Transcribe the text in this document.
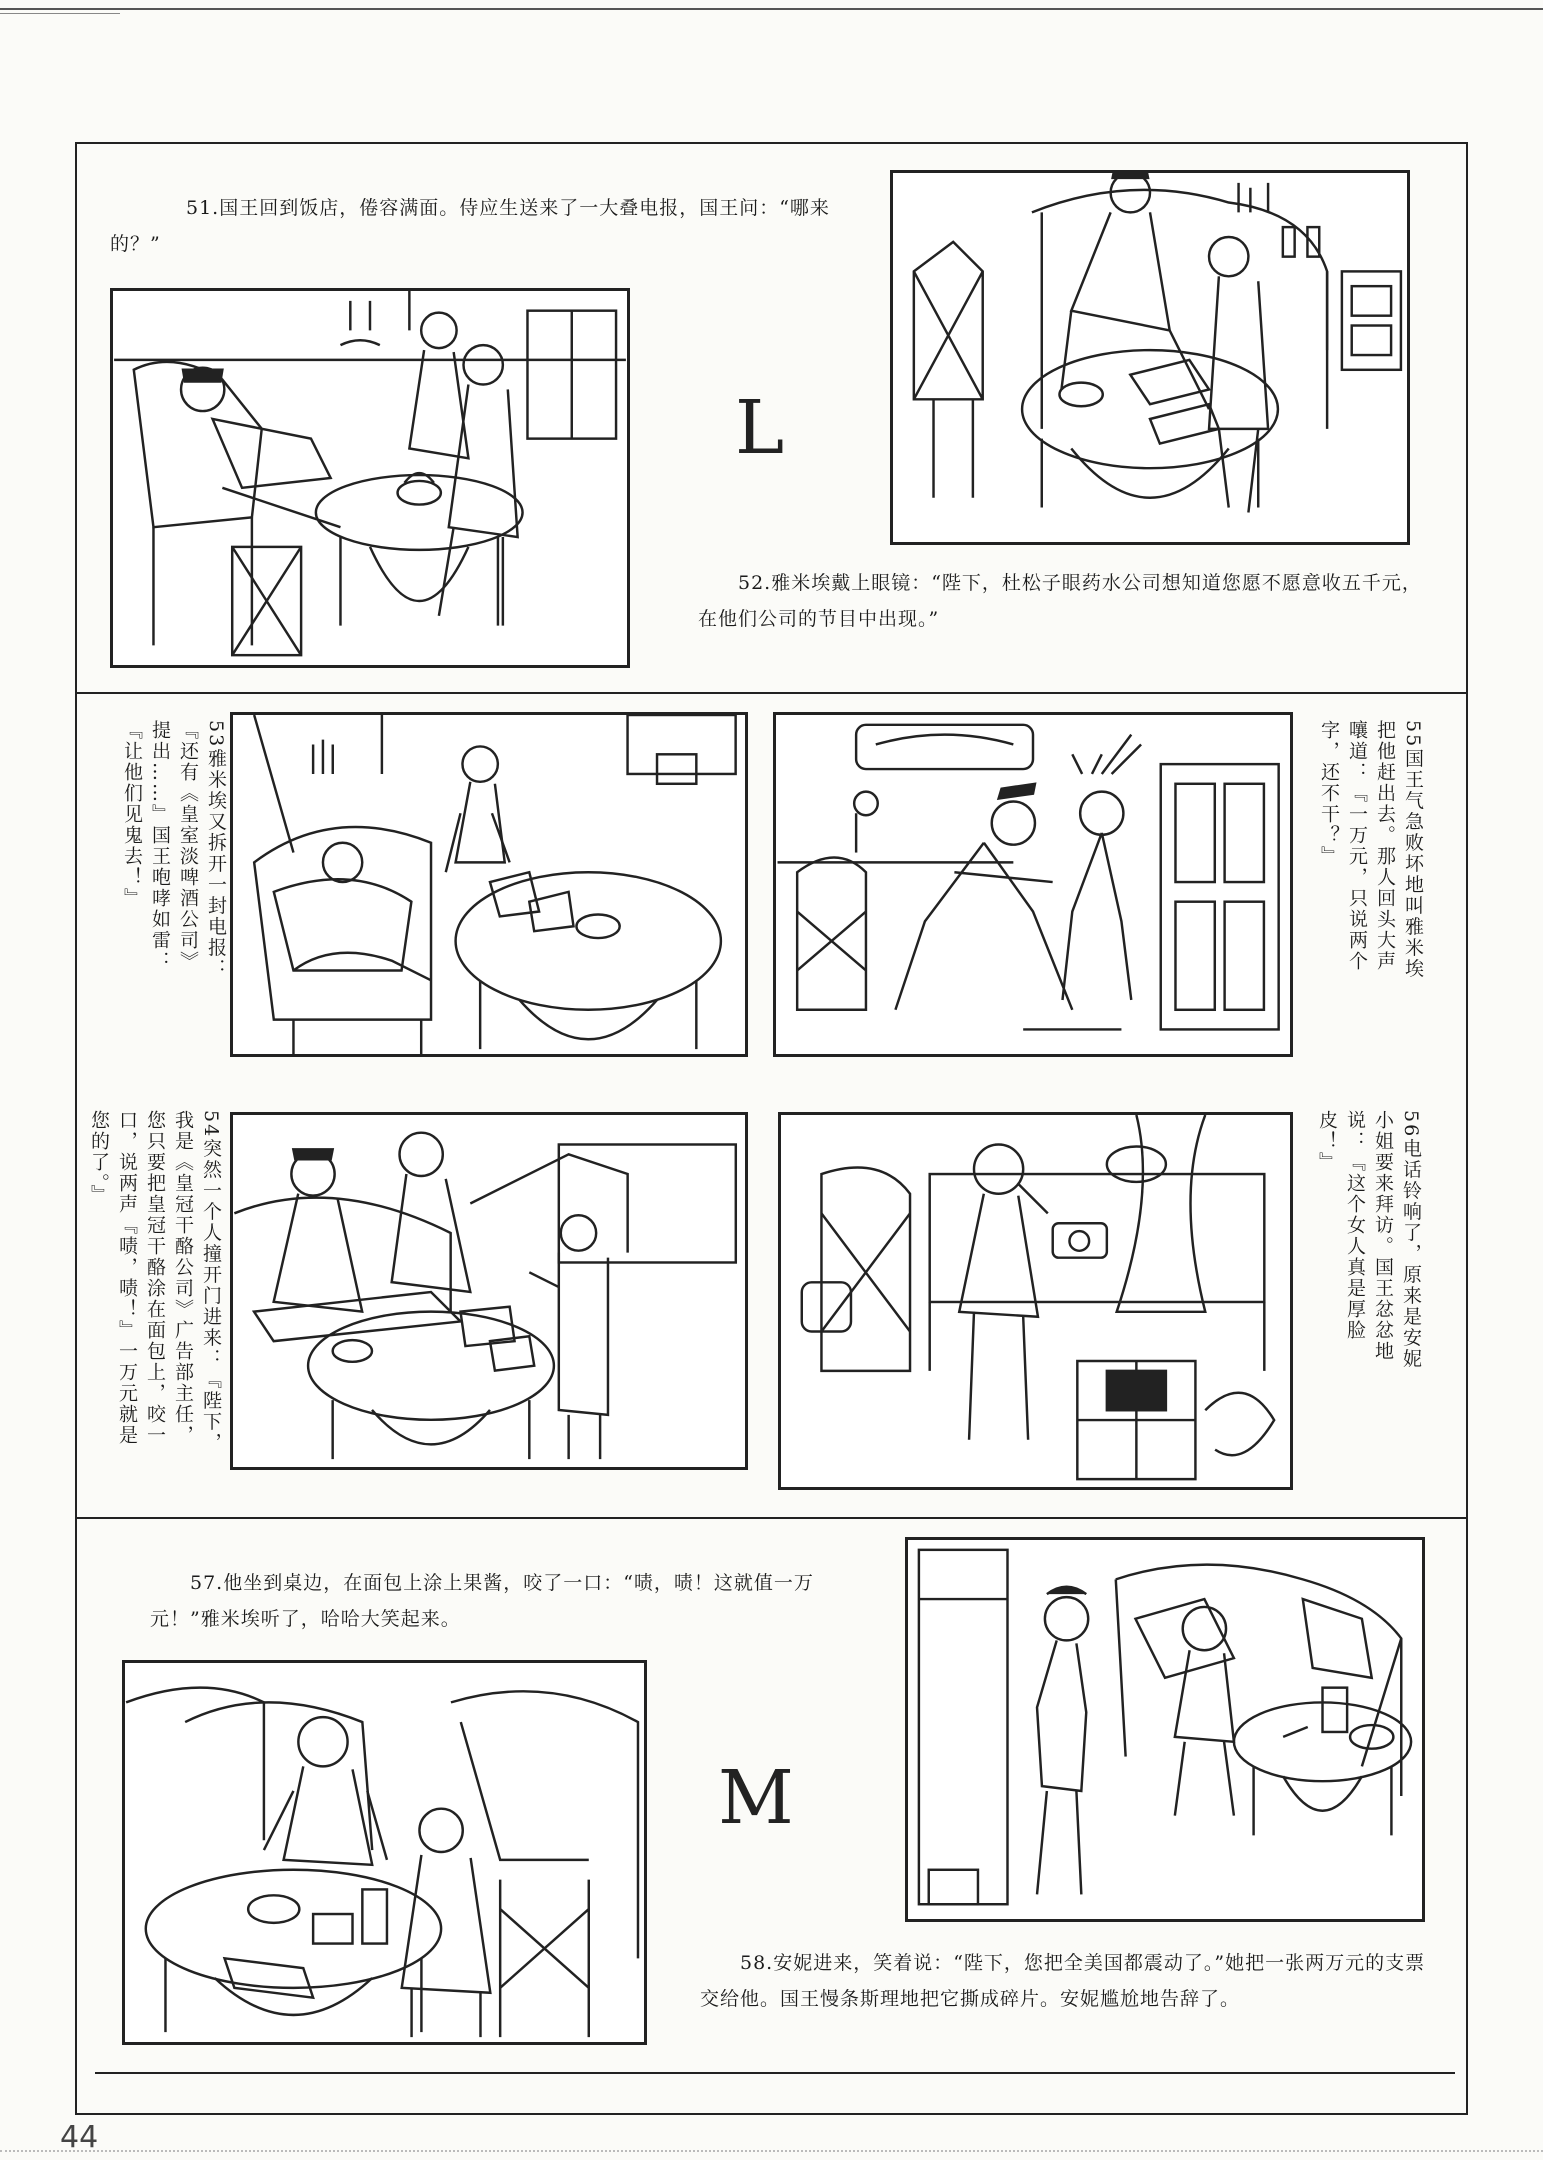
51.国王回到饭店，倦容满面。侍应生送来了一大叠电报，国王问：“哪来的？”
L
52.雅米埃戴上眼镜：“陛下，杜松子眼药水公司想知道您愿不愿意收五千元，在他们公司的节目中出现。”
53雅米埃又拆开一封电报：『还有《皇室淡啤酒公司》提出……』国王咆哮如雷：『让他们见鬼去！』	55国王气急败坏地叫雅米埃把他赶出去。那人回头大声嚷道：『一万元，只说两个字，还不干？』
54突然一个人撞开门进来：『陛下，我是《皇冠干酪公司》广告部主任，您只要把皇冠干酪涂在面包上，咬一口，说两声『啧，啧！』一万元就是您的了。』	56电话铃响了，原来是安妮小姐要来拜访。国王忿忿地说：『这个女人真是厚脸皮！』
57.他坐到桌边，在面包上涂上果酱，咬了一口：“啧，啧！这就值一万元！”雅米埃听了，哈哈大笑起来。
M
58.安妮进来，笑着说：“陛下，您把全美国都震动了。”她把一张两万元的支票交给他。国王慢条斯理地把它撕成碎片。安妮尴尬地告辞了。
44
